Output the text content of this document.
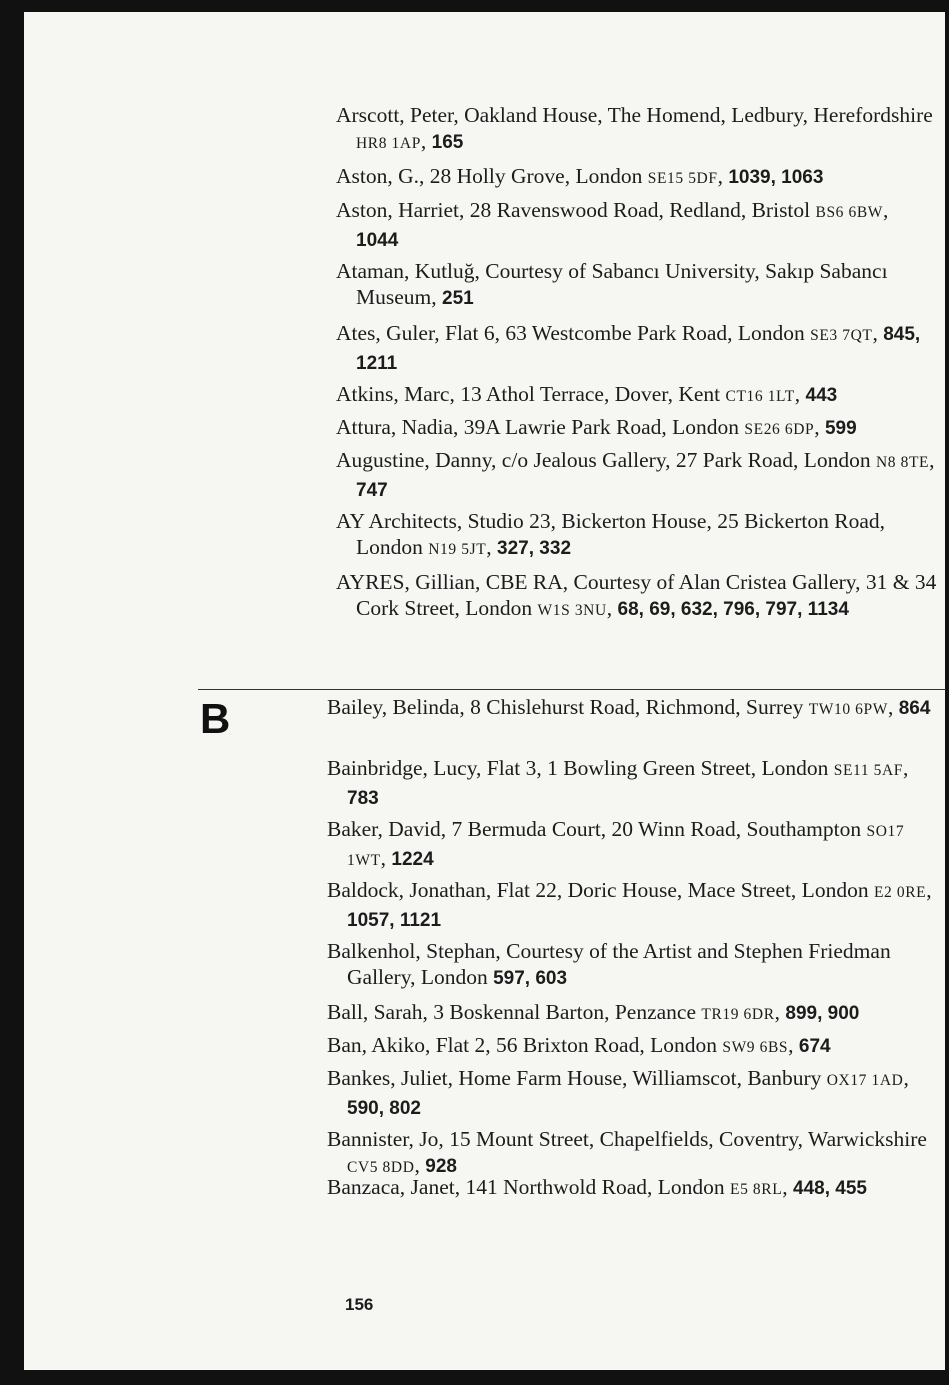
Arscott, Peter, Oakland House, The Homend, Ledbury, Herefordshire HR8 1AP, 165

Aston, G., 28 Holly Grove, London SE15 5DF, 1039, 1063

Aston, Harriet, 28 Ravenswood Road, Redland, Bristol BS6 6BW, 1044

Ataman, Kutluğ, Courtesy of Sabancı University, Sakıp Sabancı Museum, 251

Ates, Guler, Flat 6, 63 Westcombe Park Road, London SE3 7QT, 845, 1211

Atkins, Marc, 13 Athol Terrace, Dover, Kent CT16 1LT, 443

Attura, Nadia, 39A Lawrie Park Road, London SE26 6DP, 599

Augustine, Danny, c/o Jealous Gallery, 27 Park Road, London N8 8TE, 747

AY Architects, Studio 23, Bickerton House, 25 Bickerton Road, London N19 5JT, 327, 332

AYRES, Gillian, CBE RA, Courtesy of Alan Cristea Gallery, 31 & 34 Cork Street, London W1S 3NU, 68, 69, 632, 796, 797, 1134

B	Bailey, Belinda, 8 Chislehurst Road, Richmond, Surrey TW10 6PW, 864

Bainbridge, Lucy, Flat 3, 1 Bowling Green Street, London SE11 5AF, 783

Baker, David, 7 Bermuda Court, 20 Winn Road, Southampton SO17 1WT, 1224

Baldock, Jonathan, Flat 22, Doric House, Mace Street, London E2 0RE, 1057, 1121

Balkenhol, Stephan, Courtesy of the Artist and Stephen Friedman Gallery, London 597, 603

Ball, Sarah, 3 Boskennal Barton, Penzance TR19 6DR, 899, 900

Ban, Akiko, Flat 2, 56 Brixton Road, London SW9 6BS, 674

Bankes, Juliet, Home Farm House, Williamscot, Banbury OX17 1AD, 590, 802

Bannister, Jo, 15 Mount Street, Chapelfields, Coventry, Warwickshire CV5 8DD, 928

Banzaca, Janet, 141 Northwold Road, London E5 8RL, 448, 455

156
